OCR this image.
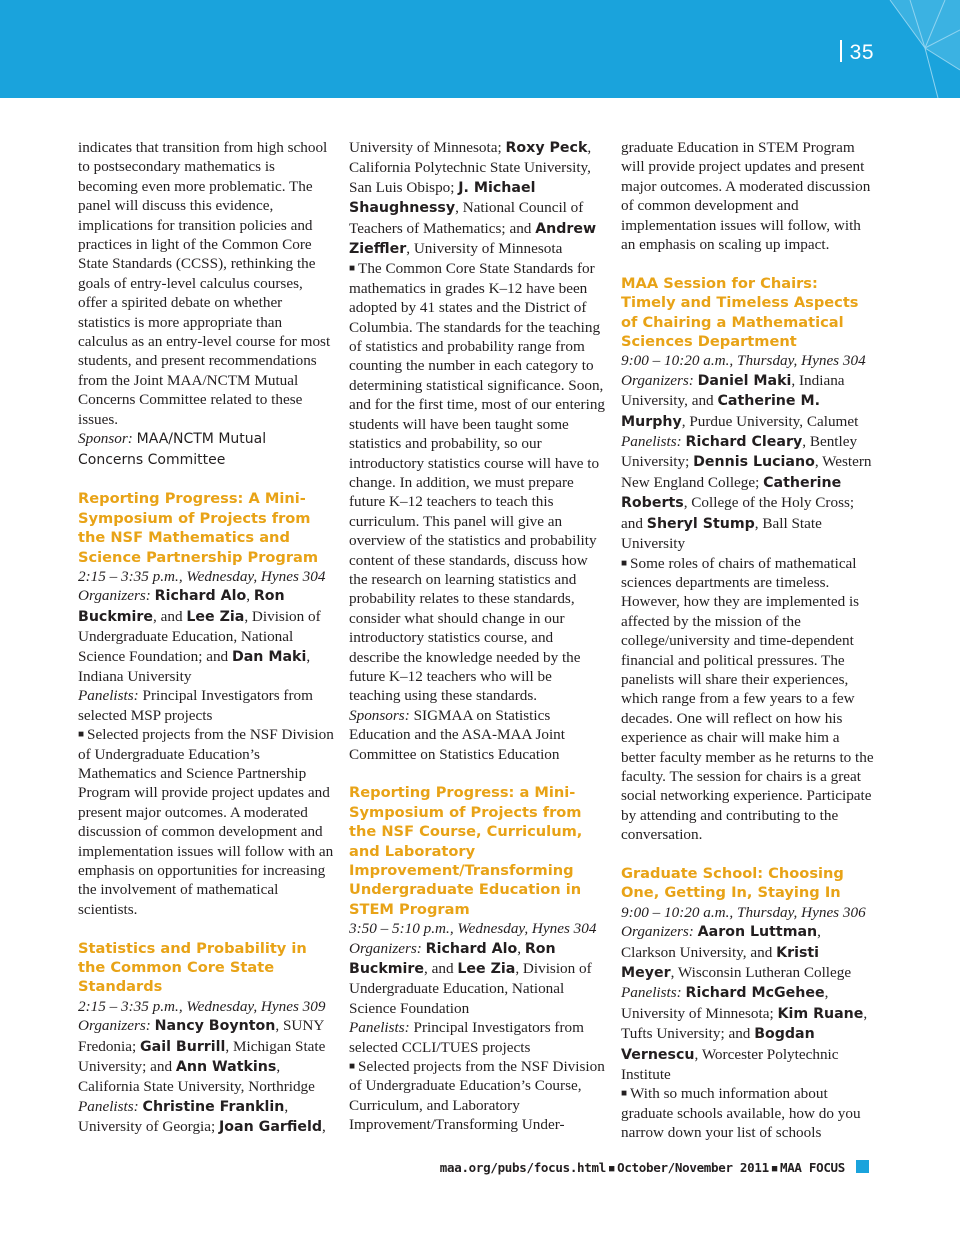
35

indicates that transition from high school to postsecondary mathematics is becoming even more problematic. The panel will discuss this evidence, implications for transition policies and practices in light of the Common Core State Standards (CCSS), rethinking the goals of entry-level calculus courses, offer a spirited debate on whether statistics is more appropriate than calculus as an entry-level course for most students, and present recommendations from the Joint MAA/NCTM Mutual Concerns Committee related to these issues.

Sponsor: MAA/NCTM Mutual Concerns Committee

Reporting Progress: A Mini-Symposium of Projects from the NSF Mathematics and Science Partnership Program

2:15 – 3:35 p.m., Wednesday, Hynes 304

Organizers: Richard Alo, Ron Buckmire, and Lee Zia, Division of Undergraduate Education, National Science Foundation; and Dan Maki, Indiana University

Panelists: Principal Investigators from selected MSP projects

■ Selected projects from the NSF Division of Undergraduate Education’s Mathematics and Science Partnership Program will provide project updates and present major outcomes. A moderated discussion of common development and implementation issues will follow with an emphasis on opportunities for increasing the involvement of mathematical scientists.

Statistics and Probability in the Common Core State Standards

2:15 – 3:35 p.m., Wednesday, Hynes 309

Organizers: Nancy Boynton, SUNY Fredonia; Gail Burrill, Michigan State University; and Ann Watkins, California State University, Northridge

Panelists: Christine Franklin, University of Georgia; Joan Garfield,

University of Minnesota; Roxy Peck, California Polytechnic State University, San Luis Obispo; J. Michael Shaughnessy, National Council of Teachers of Mathematics; and Andrew Zieffler, University of Minnesota

■ The Common Core State Standards for mathematics in grades K–12 have been adopted by 41 states and the District of Columbia. The standards for the teaching of statistics and probability range from counting the number in each category to determining statistical significance. Soon, and for the first time, most of our entering students will have been taught some statistics and probability, so our introductory statistics course will have to change. In addition, we must prepare future K–12 teachers to teach this curriculum. This panel will give an overview of the statistics and probability content of these standards, discuss how the research on learning statistics and probability relates to these standards, consider what should change in our introductory statistics course, and describe the knowledge needed by the future K–12 teachers who will be teaching using these standards.

Sponsors: SIGMAA on Statistics Education and the ASA-MAA Joint Committee on Statistics Education

Reporting Progress: a Mini-Symposium of Projects from the NSF Course, Curriculum, and Laboratory Improvement/Transforming Undergraduate Education in STEM Program

3:50 – 5:10 p.m., Wednesday, Hynes 304

Organizers: Richard Alo, Ron Buckmire, and Lee Zia, Division of Undergraduate Education, National Science Foundation

Panelists: Principal Investigators from selected CCLI/TUES projects

■ Selected projects from the NSF Division of Undergraduate Education’s Course, Curriculum, and Laboratory Improvement/Transforming Under-

graduate Education in STEM Program will provide project updates and present major outcomes. A moderated discussion of common development and implementation issues will follow, with an emphasis on scaling up impact.

MAA Session for Chairs: Timely and Timeless Aspects of Chairing a Mathematical Sciences Department

9:00 – 10:20 a.m., Thursday, Hynes 304

Organizers: Daniel Maki, Indiana University, and Catherine M. Murphy, Purdue University, Calumet

Panelists: Richard Cleary, Bentley University; Dennis Luciano, Western New England College; Catherine Roberts, College of the Holy Cross; and Sheryl Stump, Ball State University

■ Some roles of chairs of mathematical sciences departments are timeless. However, how they are implemented is affected by the mission of the college/university and time-dependent financial and political pressures. The panelists will share their experiences, which range from a few years to a few decades. One will reflect on how his experience as chair will make him a better faculty member as he returns to the faculty. The session for chairs is a great social networking experience. Participate by attending and contributing to the conversation.

Graduate School: Choosing One, Getting In, Staying In

9:00 – 10:20 a.m., Thursday, Hynes 306

Organizers: Aaron Luttman, Clarkson University, and Kristi Meyer, Wisconsin Lutheran College

Panelists: Richard McGehee, University of Minnesota; Kim Ruane, Tufts University; and Bogdan Vernescu, Worcester Polytechnic Institute

■ With so much information about graduate schools available, how do you narrow down your list of schools

maa.org/pubs/focus.html ■ October/November 2011 ■ MAA FOCUS
